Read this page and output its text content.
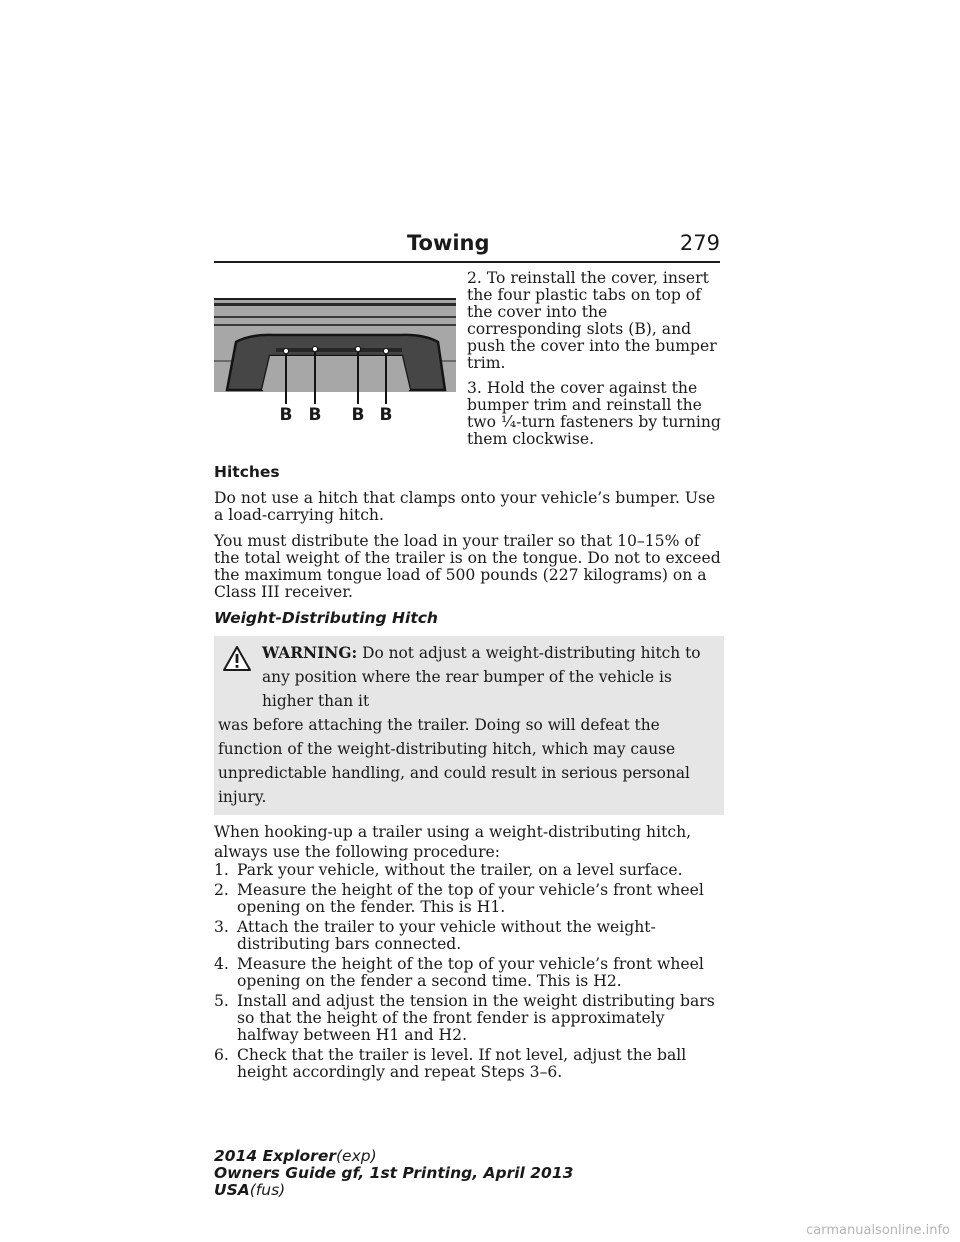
Towing	279
B B B B

2. To reinstall the cover, insert the four plastic tabs on top of the cover into the corresponding slots (B), and push the cover into the bumper trim.

3. Hold the cover against the bumper trim and reinstall the two ¹⁄₄-turn fasteners by turning them clockwise.

Hitches

Do not use a hitch that clamps onto your vehicle’s bumper. Use a load-carrying hitch.

You must distribute the load in your trailer so that 10–15% of the total weight of the trailer is on the tongue. Do not to exceed the maximum tongue load of 500 pounds (227 kilograms) on a Class III receiver.

Weight-Distributing Hitch
WARNING: Do not adjust a weight-distributing hitch to any position where the rear bumper of the vehicle is higher than it
was before attaching the trailer. Doing so will defeat the function of the weight-distributing hitch, which may cause unpredictable handling, and could result in serious personal injury.

When hooking-up a trailer using a weight-distributing hitch, always use the following procedure:

1. Park your vehicle, without the trailer, on a level surface.
2. Measure the height of the top of your vehicle’s front wheel opening on the fender. This is H1.
3. Attach the trailer to your vehicle without the weight-distributing bars connected.
4. Measure the height of the top of your vehicle’s front wheel opening on the fender a second time. This is H2.
5. Install and adjust the tension in the weight distributing bars so that the height of the front fender is approximately halfway between H1 and H2.
6. Check that the trailer is level. If not level, adjust the ball height accordingly and repeat Steps 3–6.
2014 Explorer(exp)
Owners Guide gf, 1st Printing, April 2013
USA(fus)
carmanualsonline.info
